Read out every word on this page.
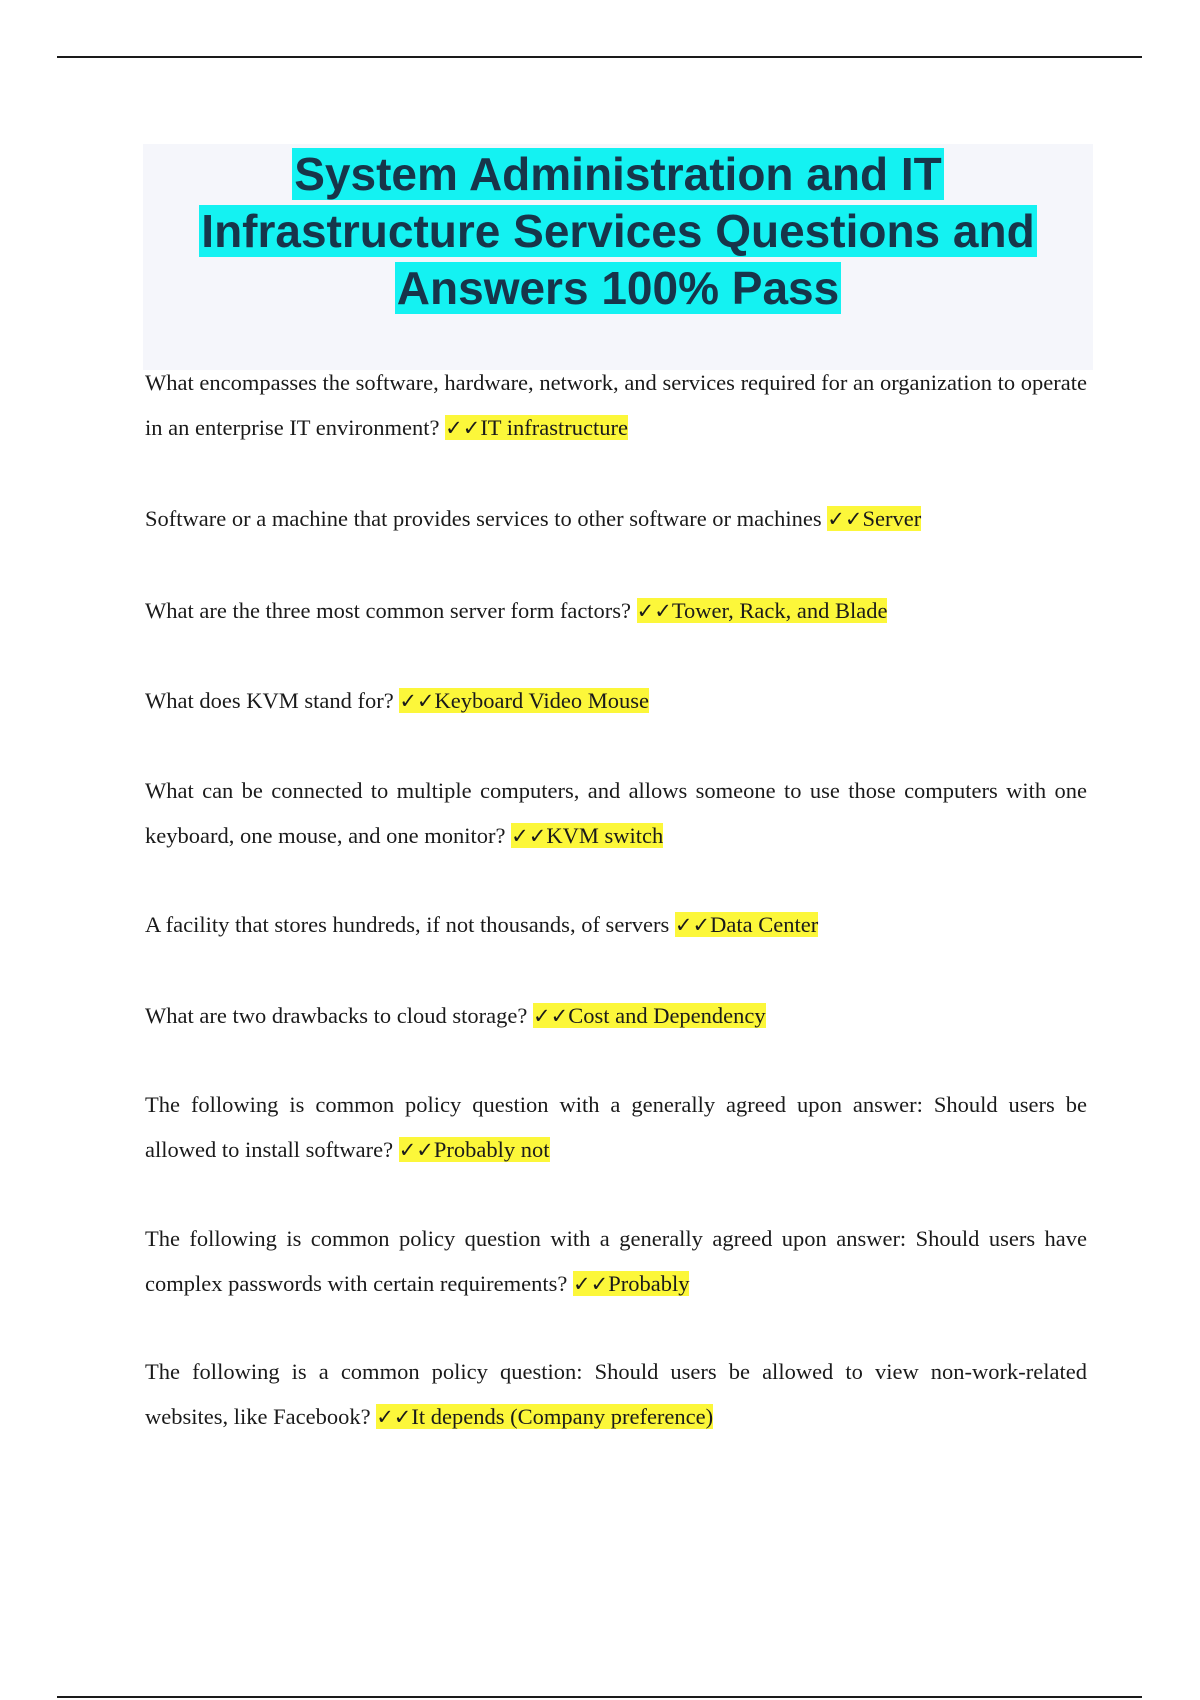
System Administration and IT
Infrastructure Services Questions and
Answers 100% Pass

What encompasses the software, hardware, network, and services required for an organization to operate in an enterprise IT environment? ✓✓IT infrastructure

Software or a machine that provides services to other software or machines ✓✓Server

What are the three most common server form factors? ✓✓Tower, Rack, and Blade

What does KVM stand for? ✓✓Keyboard Video Mouse

What can be connected to multiple computers, and allows someone to use those computers with one keyboard, one mouse, and one monitor? ✓✓KVM switch

A facility that stores hundreds, if not thousands, of servers ✓✓Data Center

What are two drawbacks to cloud storage? ✓✓Cost and Dependency

The following is common policy question with a generally agreed upon answer: Should users be allowed to install software? ✓✓Probably not

The following is common policy question with a generally agreed upon answer: Should users have complex passwords with certain requirements? ✓✓Probably

The following is a common policy question: Should users be allowed to view non-work-related websites, like Facebook? ✓✓It depends (Company preference)
